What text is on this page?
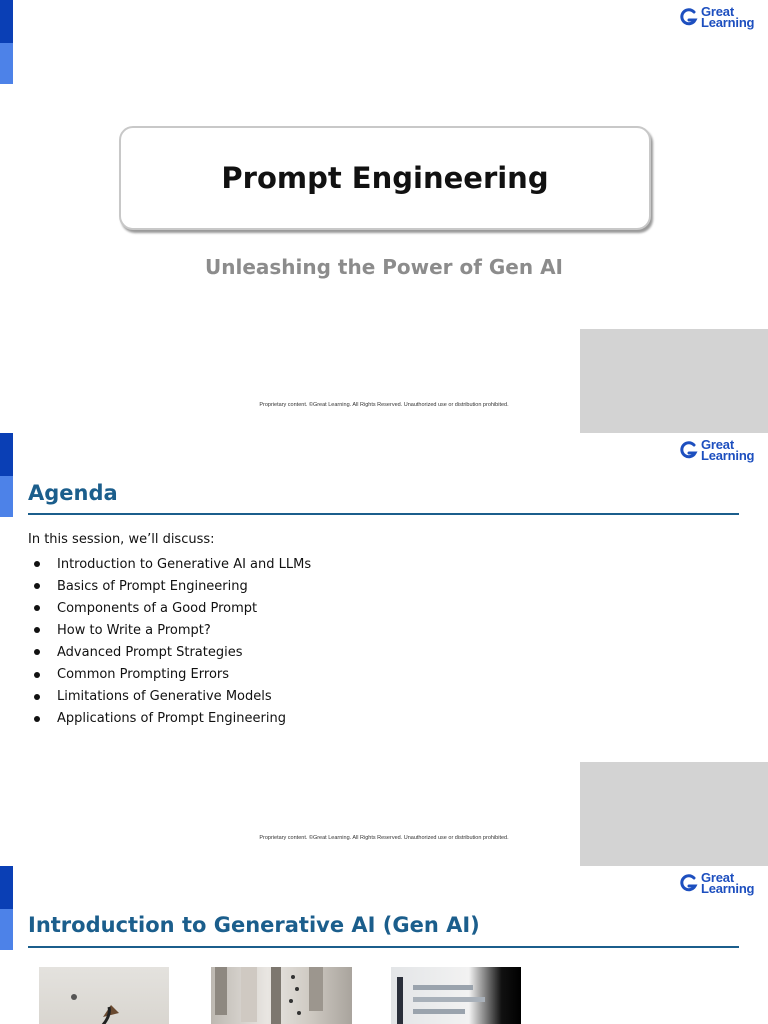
Great
Learning
Prompt Engineering
Unleashing the Power of Gen AI
Proprietary content. ©Great Learning. All Rights Reserved. Unauthorized use or distribution prohibited.
Great
Learning
Agenda
In this session, we’ll discuss:
Introduction to Generative AI and LLMs
Basics of Prompt Engineering
Components of a Good Prompt
How to Write a Prompt?
Advanced Prompt Strategies
Common Prompting Errors
Limitations of Generative Models
Applications of Prompt Engineering
Proprietary content. ©Great Learning. All Rights Reserved. Unauthorized use or distribution prohibited.
Great
Learning
Introduction to Generative AI (Gen AI)
